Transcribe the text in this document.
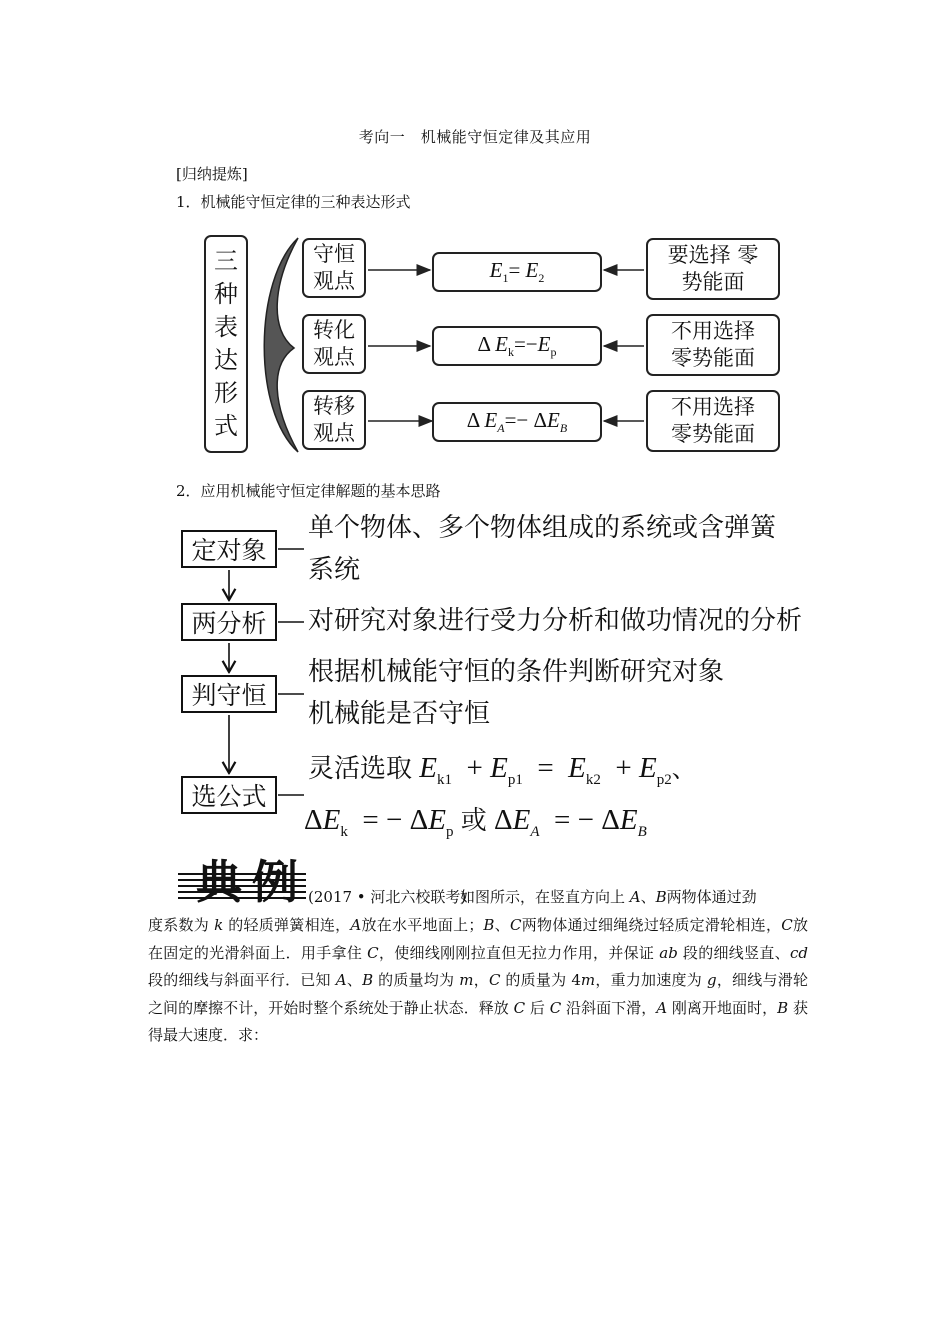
考向一　机械能守恒定律及其应用
[归纳提炼]
1．机械能守恒定律的三种表达形式
三
种
表
达
形
式
守恒
观点
转化
观点
转移
观点
$E_1= E_2$
Δ $E_k=-E_p$
Δ $E_A=- \Delta E_B$
要选择 零
势能面
不用选择
零势能面
不用选择
零势能面
2．应用机械能守恒定律解题的基本思路
定对象
两分析
判守恒
选公式
单个物体、多个物体组成的系统或含弹簧
系统
对研究对象进行受力分析和做功情况的分析
根据机械能守恒的条件判断研究对象
机械能是否守恒
灵活选取 $E_{k1} + E_{p1} = E_{k2} + E_{p2}$、
$\Delta E_k$  = − $\Delta E_p$ 或 $\Delta E_A$  = − $\Delta E_B$
典例 (2017 • 河北六校联考)
如图所示，在竖直方向上 A、B两物体通过劲
度系数为 k 的轻质弹簧相连，A放在水平地面上；B、C两物体通过细绳绕过轻质定滑轮相连，C放在固定的光滑斜面上．用手拿住 C，使细线刚刚拉直但无拉力作用，并保证 ab 段的细线竖直、cd 段的细线与斜面平行．已知 A、B 的质量均为 m，C 的质量为 4m，重力加速度为 g，细线与滑轮之间的摩擦不计，开始时整个系统处于静止状态．释放 C 后 C 沿斜面下滑，A 刚离开地面时，B 获得最大速度．求：
